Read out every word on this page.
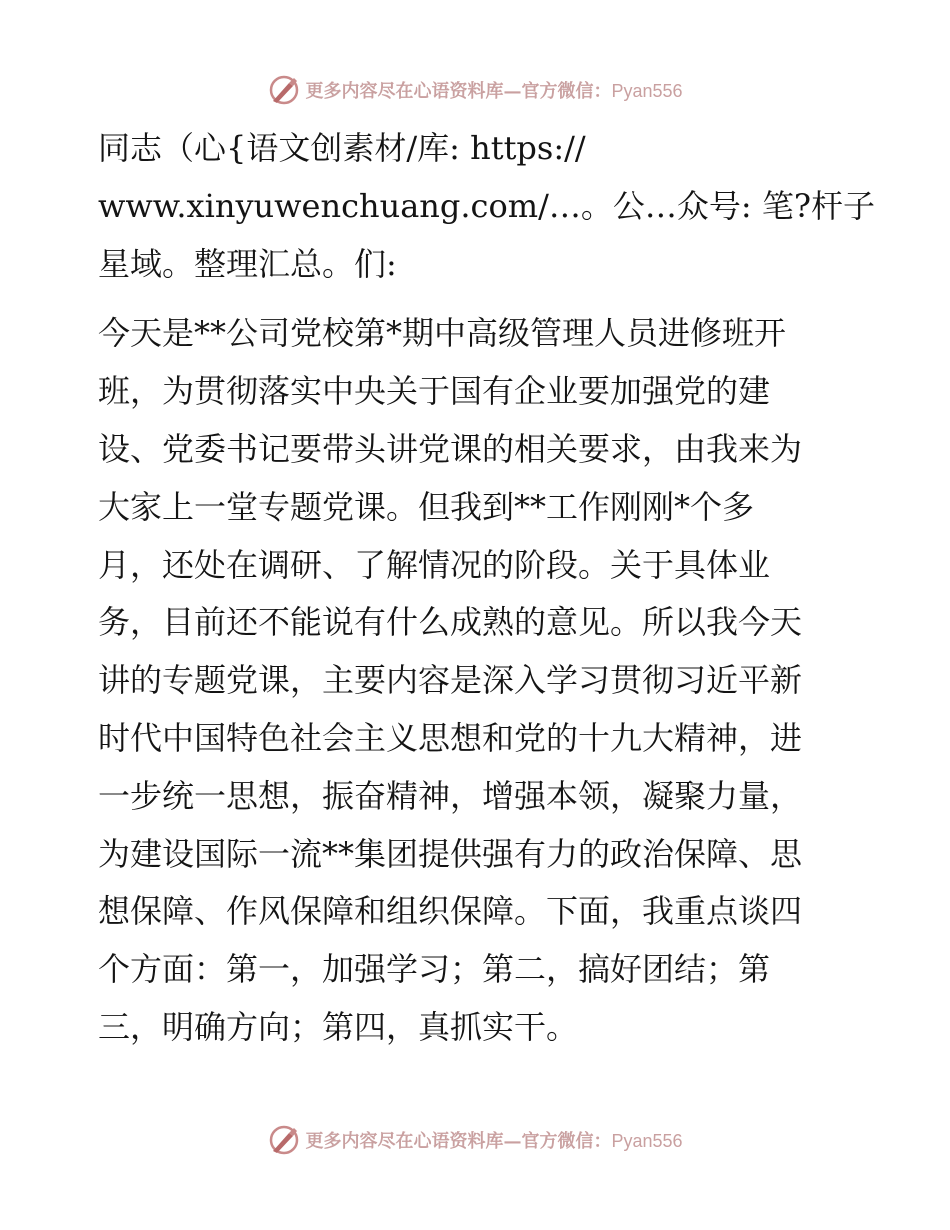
更多内容尽在心语资料库—官方微信：Pyan556

同志（心{语文创素材/库: https://
www.xinyuwenchuang.com/…。公…众号: 笔?杆子
星域。整理汇总。们:

今天是**公司党校第*期中高级管理人员进修班开
班，为贯彻落实中央关于国有企业要加强党的建
设、党委书记要带头讲党课的相关要求，由我来为
大家上一堂专题党课。但我到**工作刚刚*个多
月，还处在调研、了解情况的阶段。关于具体业
务，目前还不能说有什么成熟的意见。所以我今天
讲的专题党课，主要内容是深入学习贯彻习近平新
时代中国特色社会主义思想和党的十九大精神，进
一步统一思想，振奋精神，增强本领，凝聚力量，
为建设国际一流**集团提供强有力的政治保障、思
想保障、作风保障和组织保障。下面，我重点谈四
个方面：第一，加强学习；第二，搞好团结；第
三，明确方向；第四，真抓实干。

更多内容尽在心语资料库—官方微信：Pyan556
